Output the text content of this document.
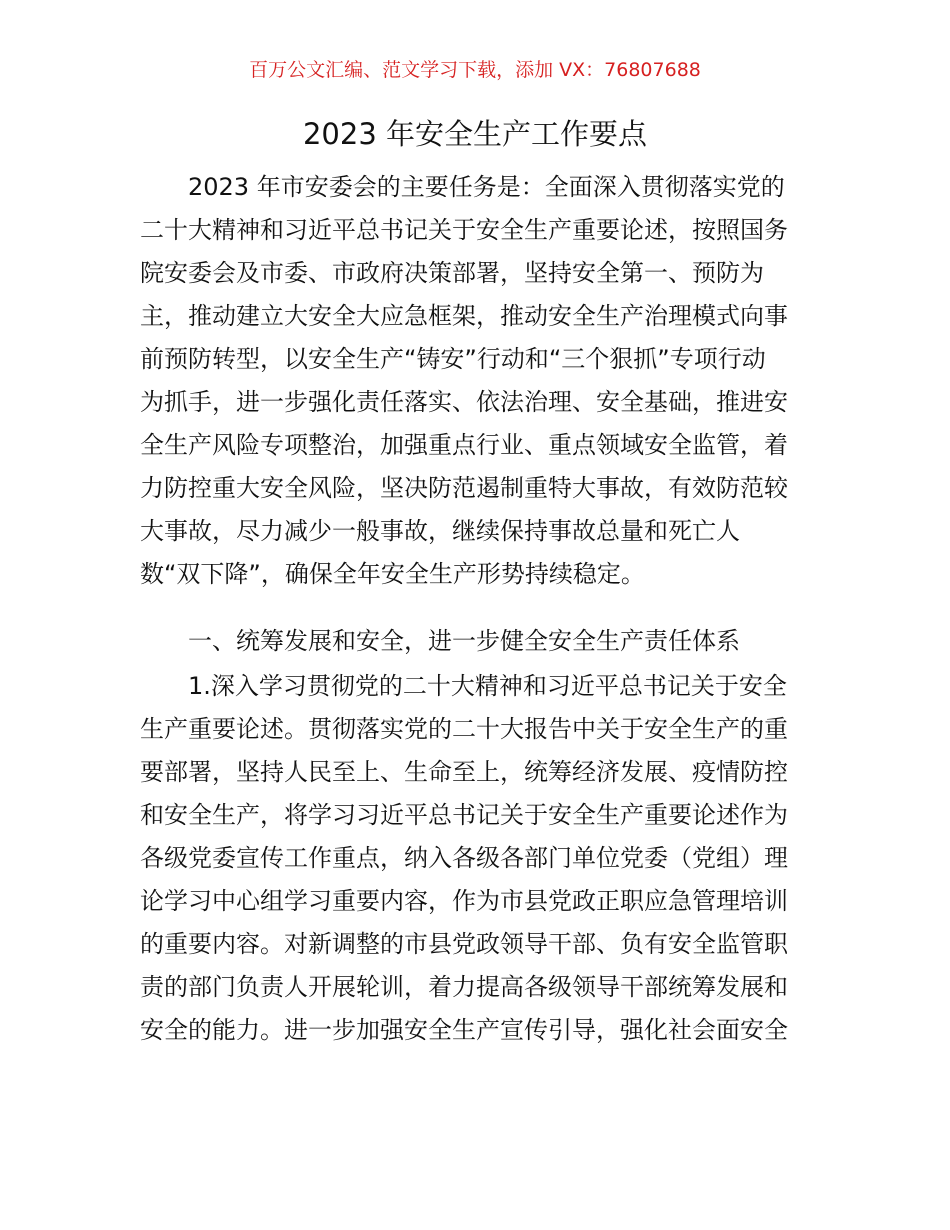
百万公文汇编、范文学习下载，添加 VX：76807688
2023 年安全生产工作要点
2023 年市安委会的主要任务是：全面深入贯彻落实党的
二十大精神和习近平总书记关于安全生产重要论述，按照国务
院安委会及市委、市政府决策部署，坚持安全第一、预防为
主，推动建立大安全大应急框架，推动安全生产治理模式向事
前预防转型，以安全生产“铸安”行动和“三个狠抓”专项行动
为抓手，进一步强化责任落实、依法治理、安全基础，推进安
全生产风险专项整治，加强重点行业、重点领域安全监管，着
力防控重大安全风险，坚决防范遏制重特大事故，有效防范较
大事故，尽力减少一般事故，继续保持事故总量和死亡人
数“双下降”，确保全年安全生产形势持续稳定。
一、统筹发展和安全，进一步健全安全生产责任体系
1.深入学习贯彻党的二十大精神和习近平总书记关于安全
生产重要论述。贯彻落实党的二十大报告中关于安全生产的重
要部署，坚持人民至上、生命至上，统筹经济发展、疫情防控
和安全生产，将学习习近平总书记关于安全生产重要论述作为
各级党委宣传工作重点，纳入各级各部门单位党委（党组）理
论学习中心组学习重要内容，作为市县党政正职应急管理培训
的重要内容。对新调整的市县党政领导干部、负有安全监管职
责的部门负责人开展轮训，着力提高各级领导干部统筹发展和
安全的能力。进一步加强安全生产宣传引导，强化社会面安全
